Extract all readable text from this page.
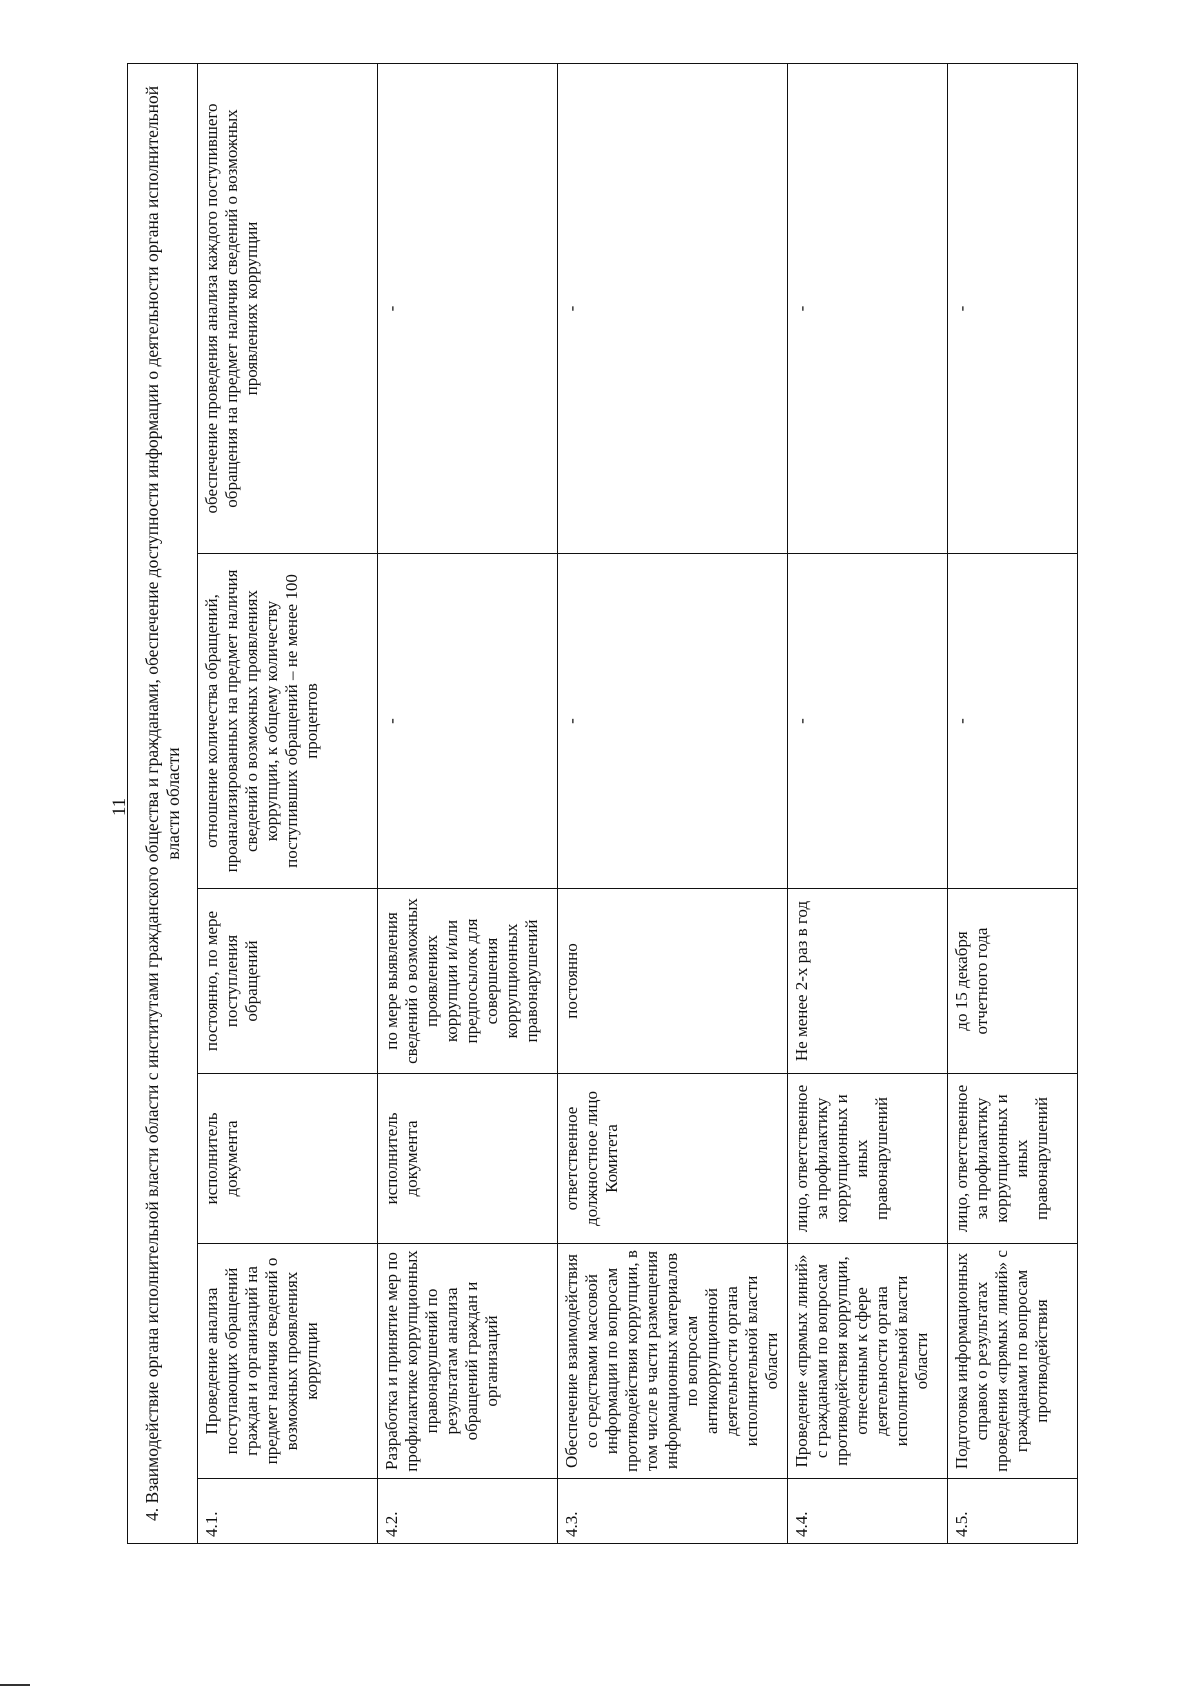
11 4. Взаимодействие органа исполнительной власти области с институтами гражданского общества и гражданами, обеспечение доступности информации о деятельности органа исполнительной власти области					
4.1.	Проведение анализа поступающих обращений граждан и организаций на предмет наличия сведений о возможных проявлениях коррупции	исполнитель документа	постоянно, по мере поступления обращений	отношение количества обращений, проанализированных на предмет наличия сведений о возможных проявлениях коррупции, к общему количеству поступивших обращений – не менее 100 процентов	обеспечение проведения анализа каждого поступившего обращения на предмет наличия сведений о возможных проявлениях коррупции
4.2.	Разработка и принятие мер по профилактике коррупционных правонарушений по результатам анализа обращений граждан и организаций	исполнитель документа	по мере выявления сведений о возможных проявлениях коррупции и/или предпосылок для совершения коррупционных правонарушений	-	-
4.3.	Обеспечение взаимодействия со средствами массовой информации по вопросам противодействия коррупции, в том числе в части размещения информационных материалов по вопросам антикоррупционной деятельности органа исполнительной власти области	ответственное должностное лицо Комитета	постоянно	-	-
4.4.	Проведение «прямых линий» с гражданами по вопросам противодействия коррупции, отнесенным к сфере деятельности органа исполнительной власти области	лицо, ответственное за профилактику коррупционных и иных правонарушений	Не менее 2-х раз в год	-	-
4.5.	Подготовка информационных справок о результатах проведения «прямых линий» с гражданами по вопросам противодействия	лицо, ответственное за профилактику коррупционных и иных правонарушений	до 15 декабря отчетного года	-	-
